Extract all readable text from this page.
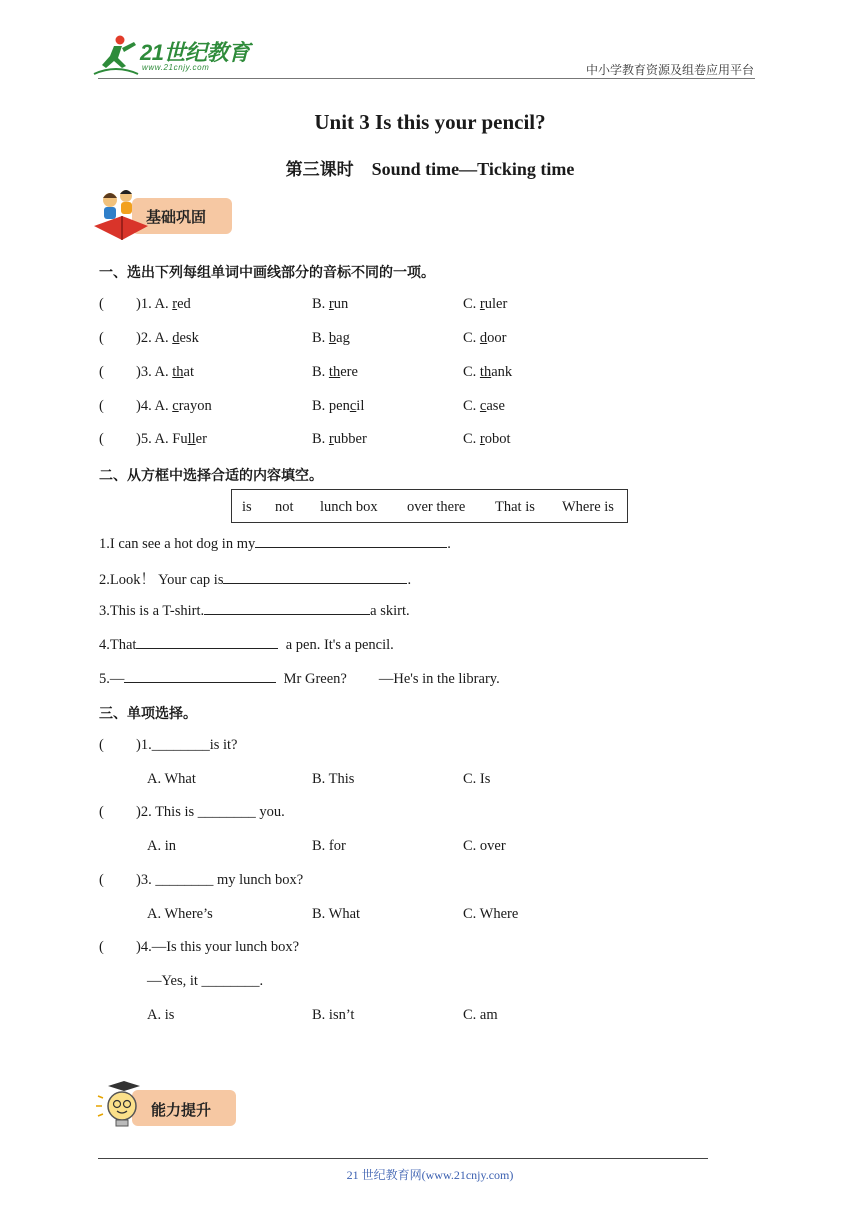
21世纪教育
www.21cnjy.com	中小学教育资源及组卷应用平台
Unit 3 Is this your pencil?
第三课时 Sound time—Ticking time
基础巩固
一、选出下列每组单词中画线部分的音标不同的一项。
( )1. A. red	B. run	C. ruler
( )2. A. desk	B. bag	C. door
( )3. A. that	B. there	C. thank
( )4. A. crayon	B. pencil	C. case
( )5. A. Fuller	B. rubber	C. robot
二、从方框中选择合适的内容填空。
is not lunch box over there That is Where is
1.I can see a hot dog in my	.
2.Look！ Your cap is	.
3.This is a T-shirt.	a skirt.
4.That	a pen. It's a pencil.
5.—	Mr Green? —He's in the library.
三、单项选择。
( )1.________is it?
A. What	B. This	C. Is
( )2. This is ________ you.
A. in	B. for	C. over
( )3. ________ my lunch box?
A. Where’s	B. What	C. Where
( )4.—Is this your lunch box?
—Yes, it ________.
A. is	B. isn’t	C. am
能力提升
21 世纪教育网(www.21cnjy.com)
